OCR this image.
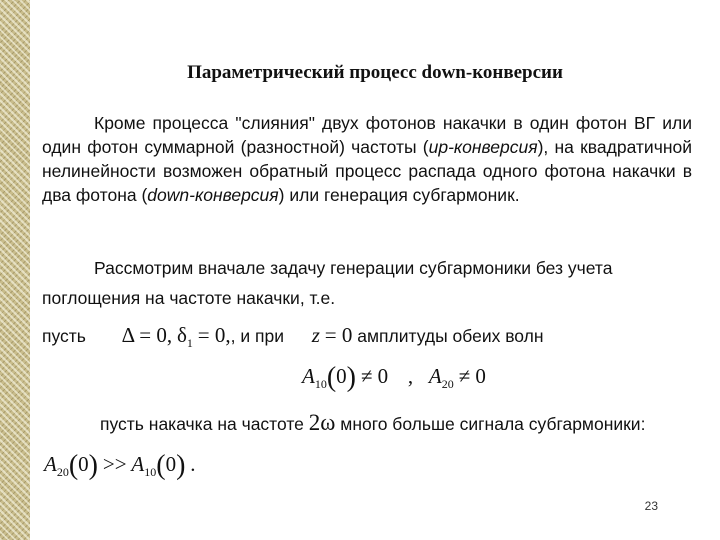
Параметрический процесс down-конверсии
Кроме процесса "слияния" двух фотонов накачки в один фотон ВГ или один фотон суммарной (разностной) частоты (up-конверсия), на квадратичной нелинейности возможен обратный процесс распада одного фотона накачки в два фотона (down-конверсия) или генерация субгармоник.
Рассмотрим вначале задачу генерации субгармоники без учета
поглощения на частоте накачки, т.е.
пусть Δ = 0, $\delta_1 = 0$,, и при z = 0 амплитуды обеих волн
$A_{10}(0) \ne 0$ , $A_{20} \ne 0$
пусть накачка на частоте 2ω много больше сигнала субгармоники:
$A_{20}(0) >> A_{10}(0)$ .
23
